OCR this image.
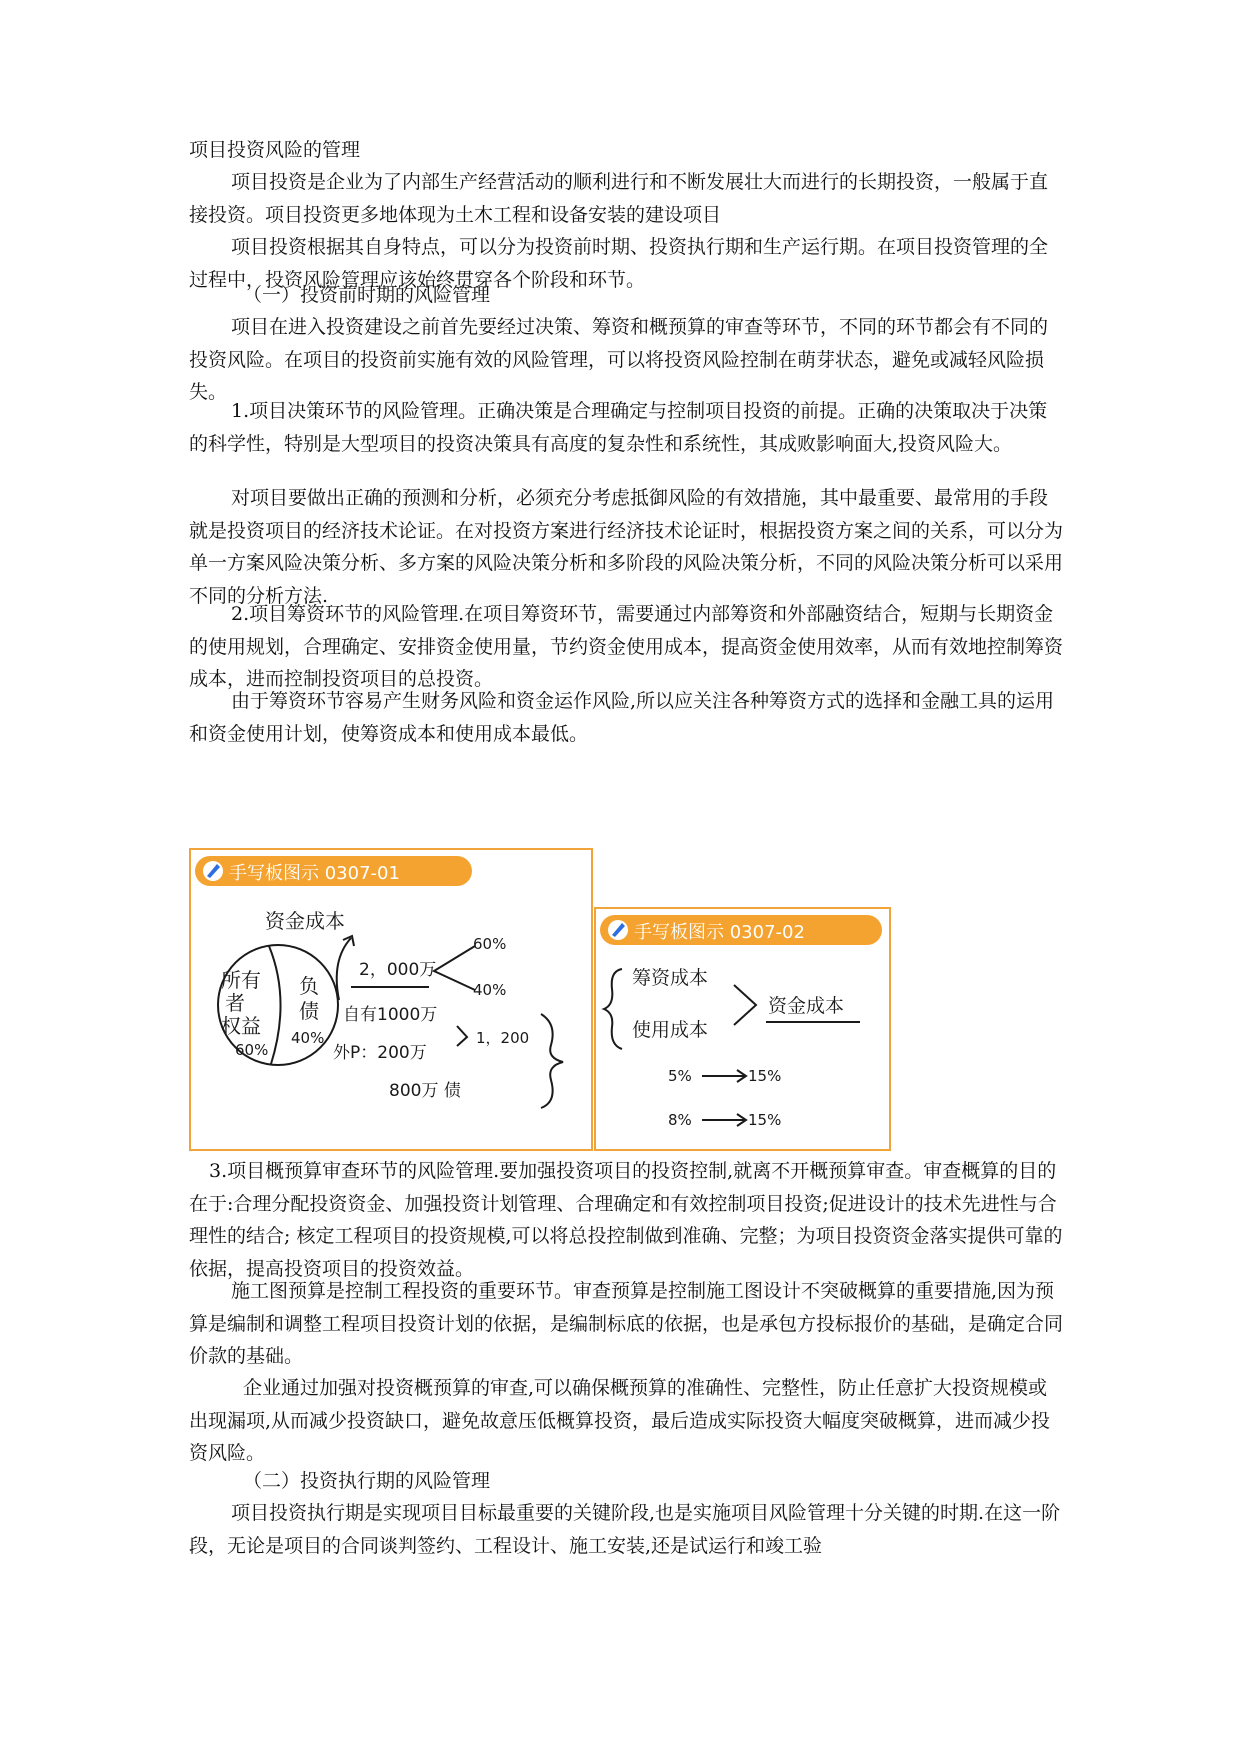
项目投资风险的管理

项目投资是企业为了内部生产经营活动的顺利进行和不断发展壮大而进行的长期投资，一般属于直接投资。项目投资更多地体现为土木工程和设备安装的建设项目

项目投资根据其自身特点，可以分为投资前时期、投资执行期和生产运行期。在项目投资管理的全过程中，投资风险管理应该始终贯穿各个阶段和环节。

（一）投资前时期的风险管理

项目在进入投资建设之前首先要经过决策、筹资和概预算的审查等环节，不同的环节都会有不同的投资风险。在项目的投资前实施有效的风险管理，可以将投资风险控制在萌芽状态，避免或减轻风险损失。

1.项目决策环节的风险管理。正确决策是合理确定与控制项目投资的前提。正确的决策取决于决策的科学性，特别是大型项目的投资决策具有高度的复杂性和系统性，其成败影响面大,投资风险大。

对项目要做出正确的预测和分析，必须充分考虑抵御风险的有效措施，其中最重要、最常用的手段就是投资项目的经济技术论证。在对投资方案进行经济技术论证时，根据投资方案之间的关系，可以分为单一方案风险决策分析、多方案的风险决策分析和多阶段的风险决策分析，不同的风险决策分析可以采用不同的分析方法.

2.项目筹资环节的风险管理.在项目筹资环节，需要通过内部筹资和外部融资结合，短期与长期资金的使用规划，合理确定、安排资金使用量，节约资金使用成本，提高资金使用效率，从而有效地控制筹资成本，进而控制投资项目的总投资。

由于筹资环节容易产生财务风险和资金运作风险,所以应关注各种筹资方式的选择和金融工具的运用和资金使用计划，使筹资成本和使用成本最低。

手写板图示 0307-01
资金成本
所有
者
权益
60%
负
债
40%
2，000万
60%
40%
自有1000万
1，200
外P：200万
800万 债
手写板图示 0307-02
筹资成本
使用成本
资金成本
5%	15%
8%	15%

3.项目概预算审查环节的风险管理.要加强投资项目的投资控制,就离不开概预算审查。审查概算的目的在于:合理分配投资资金、加强投资计划管理、合理确定和有效控制项目投资;促进设计的技术先进性与合理性的结合; 核定工程项目的投资规模,可以将总投控制做到准确、完整；为项目投资资金落实提供可靠的依据，提高投资项目的投资效益。

施工图预算是控制工程投资的重要环节。审查预算是控制施工图设计不突破概算的重要措施,因为预算是编制和调整工程项目投资计划的依据，是编制标底的依据，也是承包方投标报价的基础，是确定合同价款的基础。

企业通过加强对投资概预算的审查,可以确保概预算的准确性、完整性，防止任意扩大投资规模或出现漏项,从而减少投资缺口，避免故意压低概算投资，最后造成实际投资大幅度突破概算，进而减少投资风险。

（二）投资执行期的风险管理

项目投资执行期是实现项目目标最重要的关键阶段,也是实施项目风险管理十分关键的时期.在这一阶段，无论是项目的合同谈判签约、工程设计、施工安装,还是试运行和竣工验
